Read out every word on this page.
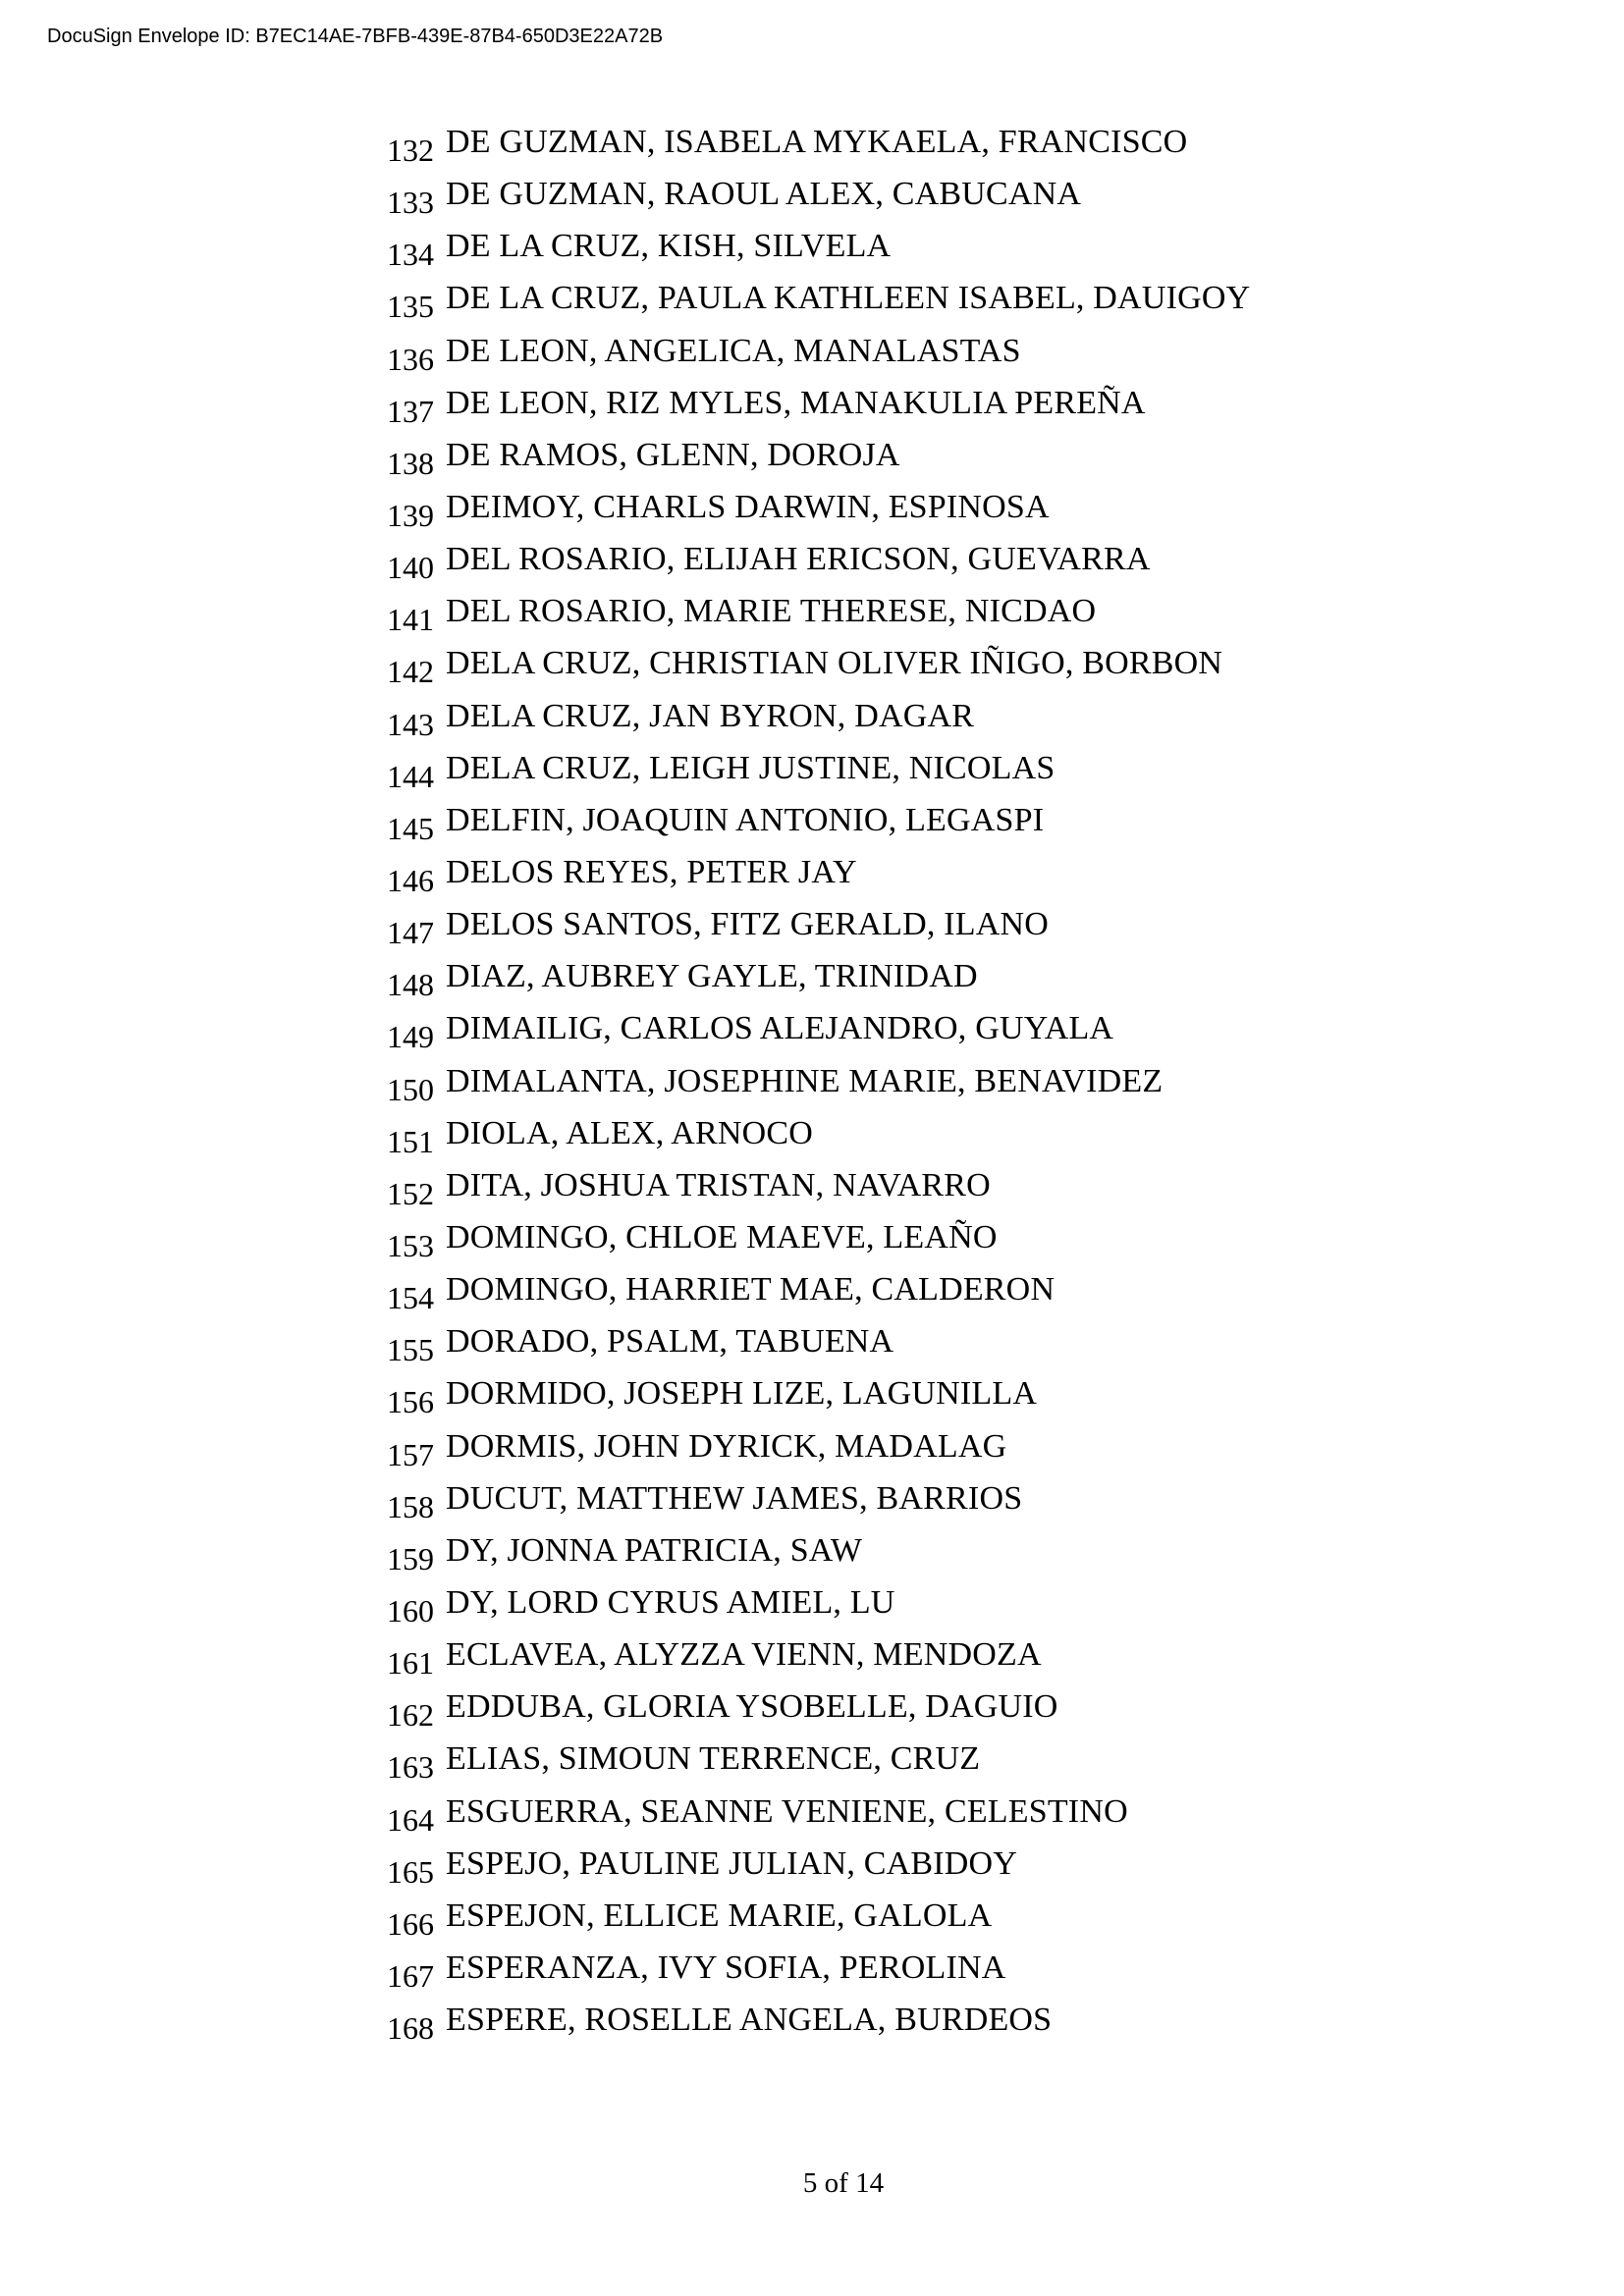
DocuSign Envelope ID: B7EC14AE-7BFB-439E-87B4-650D3E22A72B
132 DE GUZMAN, ISABELA MYKAELA, FRANCISCO
133 DE GUZMAN, RAOUL ALEX, CABUCANA
134 DE LA CRUZ, KISH, SILVELA
135 DE LA CRUZ, PAULA KATHLEEN ISABEL, DAUIGOY
136 DE LEON, ANGELICA, MANALASTAS
137 DE LEON, RIZ MYLES, MANAKULIA PEREÑA
138 DE RAMOS, GLENN, DOROJA
139 DEIMOY, CHARLS DARWIN, ESPINOSA
140 DEL ROSARIO, ELIJAH ERICSON, GUEVARRA
141 DEL ROSARIO, MARIE THERESE, NICDAO
142 DELA CRUZ, CHRISTIAN OLIVER IÑIGO, BORBON
143 DELA CRUZ, JAN BYRON, DAGAR
144 DELA CRUZ, LEIGH JUSTINE, NICOLAS
145 DELFIN, JOAQUIN ANTONIO, LEGASPI
146 DELOS REYES, PETER JAY
147 DELOS SANTOS, FITZ GERALD, ILANO
148 DIAZ, AUBREY GAYLE, TRINIDAD
149 DIMAILIG, CARLOS ALEJANDRO, GUYALA
150 DIMALANTA, JOSEPHINE MARIE, BENAVIDEZ
151 DIOLA, ALEX, ARNOCO
152 DITA, JOSHUA TRISTAN, NAVARRO
153 DOMINGO, CHLOE MAEVE, LEAÑO
154 DOMINGO, HARRIET MAE, CALDERON
155 DORADO, PSALM, TABUENA
156 DORMIDO, JOSEPH LIZE, LAGUNILLA
157 DORMIS, JOHN DYRICK, MADALAG
158 DUCUT, MATTHEW JAMES, BARRIOS
159 DY, JONNA PATRICIA, SAW
160 DY, LORD CYRUS AMIEL, LU
161 ECLAVEA, ALYZZA VIENN, MENDOZA
162 EDDUBA, GLORIA YSOBELLE, DAGUIO
163 ELIAS, SIMOUN TERRENCE, CRUZ
164 ESGUERRA, SEANNE VENIENE, CELESTINO
165 ESPEJO, PAULINE JULIAN, CABIDOY
166 ESPEJON, ELLICE MARIE, GALOLA
167 ESPERANZA, IVY SOFIA, PEROLINA
168 ESPERE, ROSELLE ANGELA, BURDEOS
5 of 14
